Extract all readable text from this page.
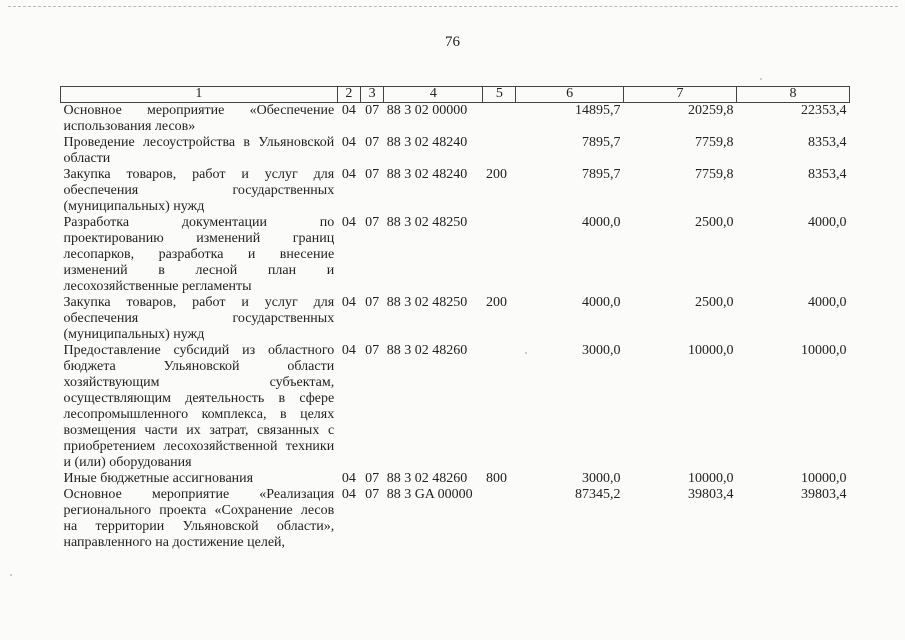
76
1	2	3	4	5	6	7	8
Основное мероприятие «Обеспечение использования лесов»	04	07	88 3 02 00000		14895,7	20259,8	22353,4
Проведение лесоустройства в Ульяновской области	04	07	88 3 02 48240		7895,7	7759,8	8353,4
Закупка товаров, работ и услуг для обеспечения государственных (муниципальных) нужд	04	07	88 3 02 48240	200	7895,7	7759,8	8353,4
Разработка документации по проектированию изменений границ лесопарков, разработка и внесение изменений в лесной план и лесохозяйственные регламенты	04	07	88 3 02 48250		4000,0	2500,0	4000,0
Закупка товаров, работ и услуг для обеспечения государственных (муниципальных) нужд	04	07	88 3 02 48250	200	4000,0	2500,0	4000,0
Предоставление субсидий из областного бюджета Ульяновской области хозяйствующим субъектам, осуществляющим деятельность в сфере лесопромышленного комплекса, в целях возмещения части их затрат, связанных с приобретением лесохозяйственной техники и (или) оборудования	04	07	88 3 02 48260		3000,0	10000,0	10000,0
Иные бюджетные ассигнования	04	07	88 3 02 48260	800	3000,0	10000,0	10000,0
Основное мероприятие «Реализация регионального проекта «Сохранение лесов на территории Ульяновской области», направленного на достижение целей,	04	07	88 3 GA 00000		87345,2	39803,4	39803,4
